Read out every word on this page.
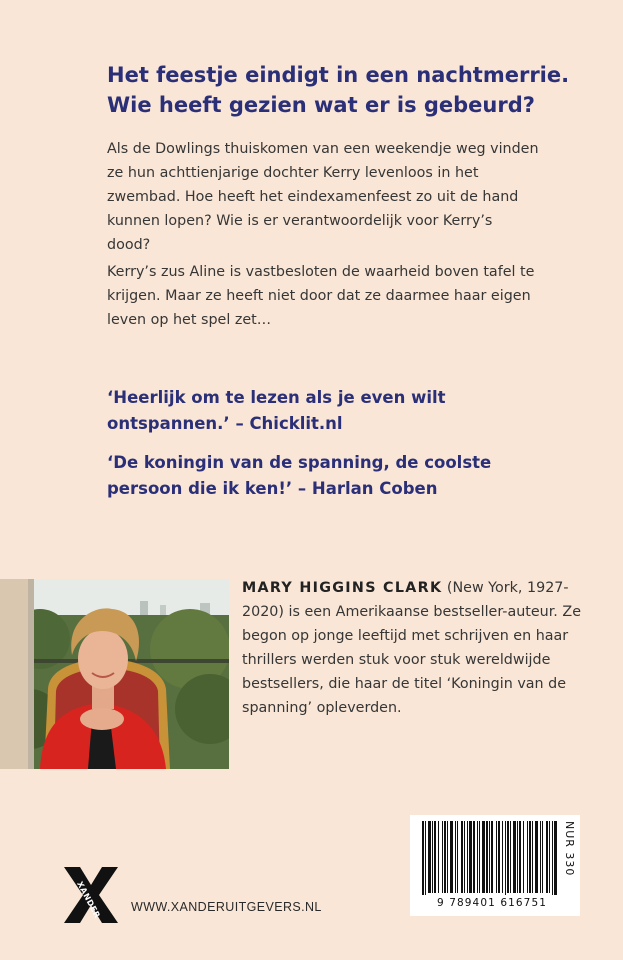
Het feestje eindigt in een nachtmerrie.
Wie heeft gezien wat er is gebeurd?

Als de Dowlings thuiskomen van een weekendje weg vinden ze hun achttienjarige dochter Kerry levenloos in het zwembad. Hoe heeft het eindexamenfeest zo uit de hand kunnen lopen? Wie is er verantwoordelijk voor Kerry’s dood?

Kerry’s zus Aline is vastbesloten de waarheid boven tafel te krijgen. Maar ze heeft niet door dat ze daarmee haar eigen leven op het spel zet…

‘Heerlijk om te lezen als je even wilt ontspannen.’ – Chicklit.nl

‘De koningin van de spanning, de coolste persoon die ik ken!’ – Harlan Coben

MARY HIGGINS CLARK (New York, 1927-2020) is een Amerikaanse bestseller-auteur. Ze begon op jonge leeftijd met schrijven en haar thrillers werden stuk voor stuk wereldwijde bestsellers, die haar de titel ‘Koningin van de spanning’ opleverden.

9 789401 616751
NUR 330
XANDER WWW.XANDERUITGEVERS.NL
